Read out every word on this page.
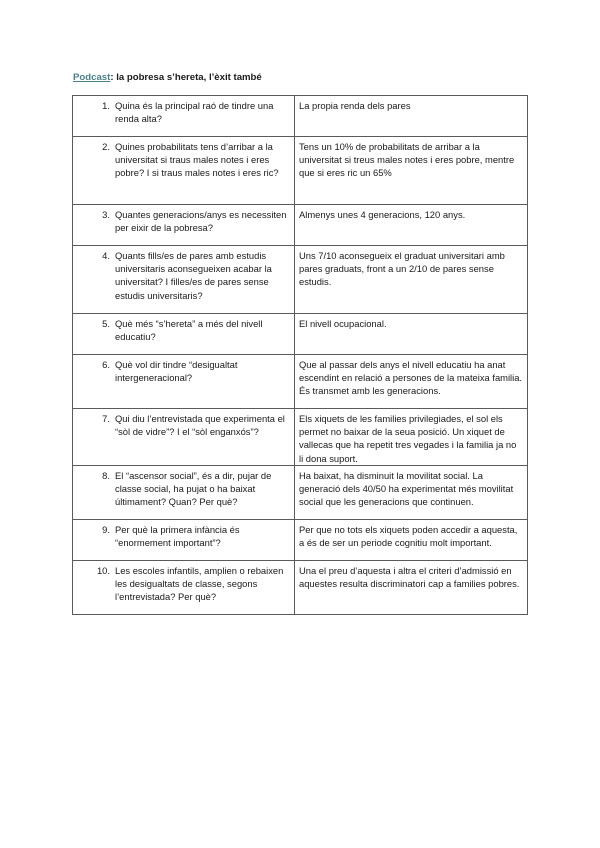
Podcast: la pobresa s’hereta, l’èxit també
1. Quina és la principal raó de tindre una renda alta?	La propia renda dels pares

2. Quines probabilitats tens d’arribar a la universitat si traus males notes i eres pobre? I si traus males notes i eres ric?	Tens un 10% de probabilitats de arribar a la universitat si treus males notes i eres pobre, mentre que si eres ric un 65%

3. Quantes generacions/anys es necessiten per eixir de la pobresa?	Almenys unes 4 generacions, 120 anys.

4. Quants fills/es de pares amb estudis universitaris aconsegueixen acabar la universitat? I filles/es de pares sense estudis universitaris?	Uns 7/10 aconsegueix el graduat universitari amb pares graduats, front a un 2/10 de pares sense estudis.

5. Què més “s’hereta” a més del nivell educatiu?	El nivell ocupacional.

6. Què vol dir tindre “desigualtat intergeneracional?	Que al passar dels anys el nivell educatiu ha anat escendint en relació a persones de la mateixa familia. És transmet amb les generacions.

7. Qui diu l’entrevistada que experimenta el “sòl de vidre”? I el “sòl enganxós”?	Els xiquets de les families privilegiades, el sol els permet no baixar de la seua posició. Un xiquet de vallecas que ha repetit tres vegades i la familia ja no li dona suport.

8. El “ascensor social”, és a dir, pujar de classe social, ha pujat o ha baixat últimament? Quan? Per què?	Ha baixat, ha disminuit la movilitat social. La generació dels 40/50 ha experimentat més movilitat social que les generacions que continuen.

9. Per què la primera infància és “enormement important”?	Per que no tots els xiquets poden accedir a aquesta, a és de ser un periode cognitiu molt important.

10. Les escoles infantils, amplien o rebaixen les desigualtats de classe, segons l’entrevistada? Per què?	Una el preu d’aquesta i altra el criteri d’admissió en aquestes resulta discriminatori cap a families pobres.
